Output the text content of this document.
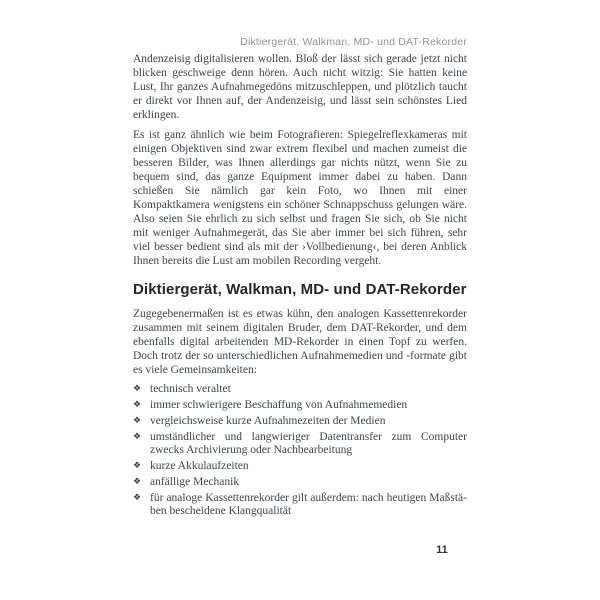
Diktiergerät, Walkman, MD- und DAT-Rekorder

Andenzeisig digitalisieren wollen. Bloß der lässt sich gerade jetzt nicht blicken geschweige denn hören. Auch nicht witzig: Sie hatten keine Lust, Ihr ganzes Aufnahmegedöns mitzuschleppen, und plötzlich taucht er direkt vor Ihnen auf, der Andenzeisig, und lässt sein schönstes Lied erklingen.

Es ist ganz ähnlich wie beim Fotografieren: Spiegelreflexkameras mit einigen Objektiven sind zwar extrem flexibel und machen zumeist die besseren Bilder, was Ihnen allerdings gar nichts nützt, wenn Sie zu bequem sind, das ganze Equipment immer dabei zu haben. Dann schießen Sie nämlich gar kein Foto, wo Ihnen mit einer Kompaktkamera wenigstens ein schöner Schnappschuss gelungen wäre. Also seien Sie ehrlich zu sich selbst und fragen Sie sich, ob Sie nicht mit weniger Aufnahmegerät, das Sie aber immer bei sich führen, sehr viel besser bedient sind als mit der ›Vollbedienung‹, bei deren Anblick Ihnen bereits die Lust am mobilen Recording vergeht.

Diktiergerät, Walkman, MD- und DAT-Rekorder

Zugegebenermaßen ist es etwas kühn, den analogen Kassettenrekorder zusammen mit seinem digitalen Bruder, dem DAT-Rekorder, und dem ebenfalls digital arbeitenden MD-Rekorder in einen Topf zu werfen. Doch trotz der so unterschiedlichen Aufnahmemedien und -formate gibt es viele Gemeinsamkeiten:

❖ technisch veraltet
❖ immer schwierigere Beschaffung von Aufnahmemedien
❖ vergleichsweise kurze Aufnahmezeiten der Medien
❖ umständlicher und langwieriger Datentransfer zum Computer zwecks Archivierung oder Nachbearbeitung
❖ kurze Akkulaufzeiten
❖ anfällige Mechanik
❖ für analoge Kassettenrekorder gilt außerdem: nach heutigen Maßstäben bescheidene Klangqualität
11
